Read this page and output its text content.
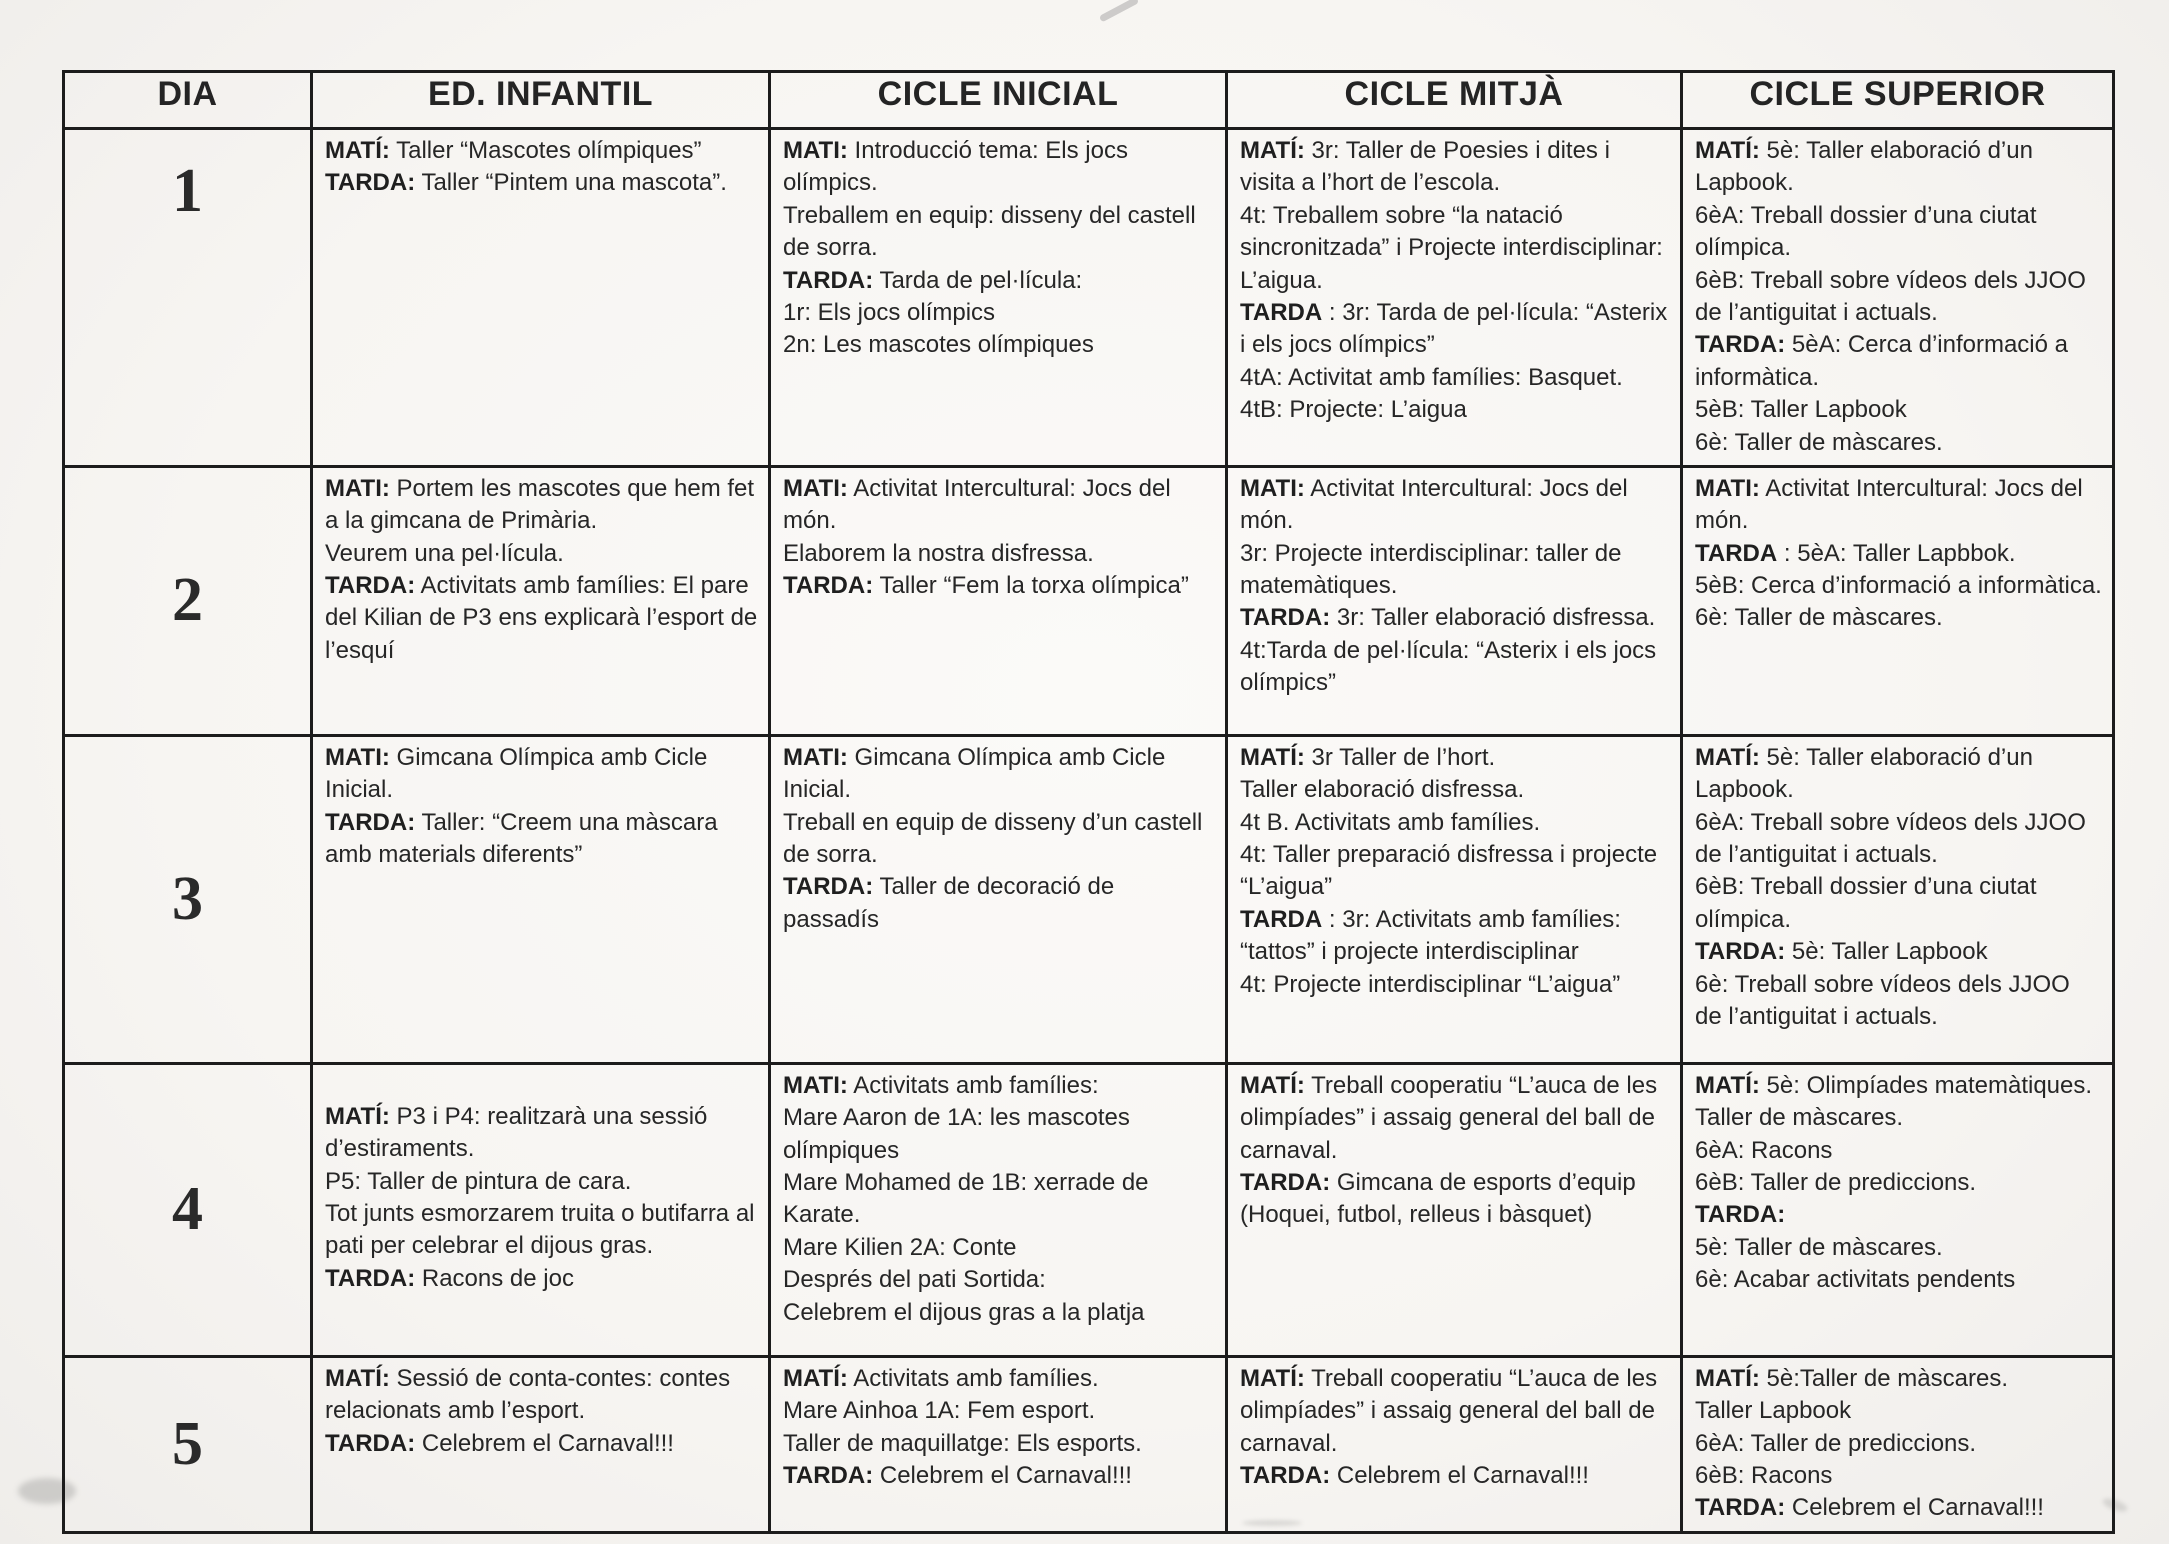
DIA	ED. INFANTIL	CICLE INICIAL	CICLE MITJÀ	CICLE SUPERIOR
1	
MATÍ: Taller “Mascotes olímpiques”
TARDA: Taller “Pintem una mascota”.

MATI: Introducció tema: Els jocs olímpics.
Treballem en equip: disseny del castell de sorra.
TARDA: Tarda de pel·lícula:
1r: Els jocs olímpics
2n: Les mascotes olímpiques

MATÍ: 3r: Taller de Poesies i dites i visita a l’hort de l’escola.
4t: Treballem sobre “la natació sincronitzada” i Projecte interdisciplinar: L’aigua.
TARDA : 3r: Tarda de pel·lícula: “Asterix i els jocs olímpics”
4tA: Activitat amb famílies: Basquet.
4tB: Projecte: L’aigua

MATÍ: 5è: Taller elaboració d’un Lapbook.
6èA: Treball dossier d’una ciutat olímpica.
6èB: Treball sobre vídeos dels JJOO de l’antiguitat i actuals.
TARDA: 5èA: Cerca d’informació a informàtica.
5èB: Taller Lapbook
6è: Taller de màscares.

2	
MATI: Portem les mascotes que hem fet a la gimcana de Primària.
Veurem una pel·lícula.
TARDA: Activitats amb famílies: El pare del Kilian de P3 ens explicarà l’esport de l’esquí

MATI: Activitat Intercultural: Jocs del món.
Elaborem la nostra disfressa.
TARDA: Taller “Fem la torxa olímpica”

MATI: Activitat Intercultural: Jocs del món.
3r: Projecte interdisciplinar: taller de matemàtiques.
TARDA: 3r: Taller elaboració disfressa.
4t:Tarda de pel·lícula: “Asterix i els jocs olímpics”

MATI: Activitat Intercultural: Jocs del món.
TARDA : 5èA: Taller Lapbbok.
5èB: Cerca d’informació a informàtica.
6è: Taller de màscares.

3	
MATI: Gimcana Olímpica amb Cicle Inicial.
TARDA: Taller: “Creem una màscara amb materials diferents”

MATI: Gimcana Olímpica amb Cicle Inicial.
Treball en equip de disseny d’un castell de sorra.
TARDA: Taller de decoració de passadís

MATÍ: 3r Taller de l’hort.
Taller elaboració disfressa.
4t B. Activitats amb famílies.
4t: Taller preparació disfressa i projecte “L’aigua”
TARDA : 3r: Activitats amb famílies: “tattos” i projecte interdisciplinar
4t: Projecte interdisciplinar “L’aigua”

MATÍ: 5è: Taller elaboració d’un Lapbook.
6èA: Treball sobre vídeos dels JJOO de l’antiguitat i actuals.
6èB: Treball dossier d’una ciutat olímpica.
TARDA: 5è: Taller Lapbook
6è: Treball sobre vídeos dels JJOO de l’antiguitat i actuals.

4	
MATÍ: P3 i P4: realitzarà una sessió d’estiraments.
P5: Taller de pintura de cara.
Tot junts esmorzarem truita o butifarra al pati per celebrar el dijous gras.
TARDA: Racons de joc

MATI: Activitats amb famílies:
Mare Aaron de 1A: les mascotes olímpiques
Mare Mohamed de 1B: xerrade de Karate.
Mare Kilien 2A: Conte
Després del pati Sortida:
Celebrem el dijous gras a la platja

MATÍ: Treball cooperatiu “L’auca de les olimpíades” i assaig general del ball de carnaval.
TARDA: Gimcana de esports d’equip (Hoquei, futbol, relleus i bàsquet)

MATÍ: 5è: Olimpíades matemàtiques.
Taller de màscares.
6èA: Racons
6èB: Taller de prediccions.
TARDA:
5è: Taller de màscares.
6è: Acabar activitats pendents

5	
MATÍ: Sessió de conta-contes: contes relacionats amb l’esport.
TARDA: Celebrem el Carnaval!!!

MATÍ: Activitats amb famílies.
Mare Ainhoa 1A: Fem esport.
Taller de maquillatge: Els esports.
TARDA: Celebrem el Carnaval!!!

MATÍ: Treball cooperatiu “L’auca de les olimpíades” i assaig general del ball de carnaval.
TARDA: Celebrem el Carnaval!!!

MATÍ: 5è:Taller de màscares.
Taller Lapbook
6èA: Taller de prediccions.
6èB: Racons
TARDA: Celebrem el Carnaval!!!
